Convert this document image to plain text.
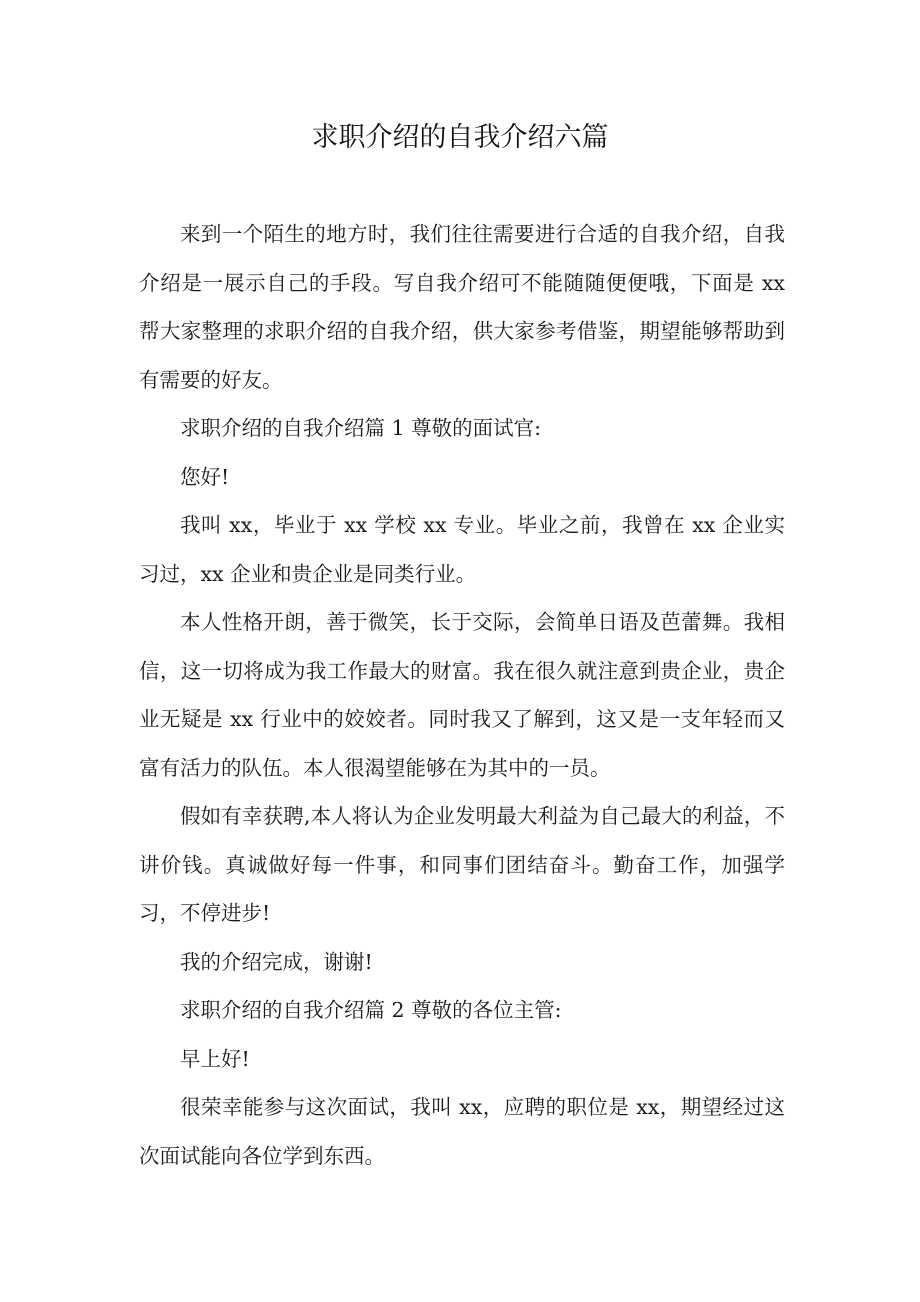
求职介绍的自我介绍六篇

来到一个陌生的地方时，我们往往需要进行合适的自我介绍，自我介绍是一展示自己的手段。写自我介绍可不能随随便便哦，下面是 xx 帮大家整理的求职介绍的自我介绍，供大家参考借鉴，期望能够帮助到有需要的好友。

求职介绍的自我介绍篇 1 尊敬的面试官:

您好!

我叫 xx，毕业于 xx 学校 xx 专业。毕业之前，我曾在 xx 企业实习过，xx 企业和贵企业是同类行业。

本人性格开朗，善于微笑，长于交际，会简单日语及芭蕾舞。我相信，这一切将成为我工作最大的财富。我在很久就注意到贵企业，贵企业无疑是 xx 行业中的姣姣者。同时我又了解到，这又是一支年轻而又富有活力的队伍。本人很渴望能够在为其中的一员。

假如有幸获聘,本人将认为企业发明最大利益为自己最大的利益，不讲价钱。真诚做好每一件事，和同事们团结奋斗。勤奋工作，加强学习，不停进步!

我的介绍完成，谢谢!

求职介绍的自我介绍篇 2 尊敬的各位主管:

早上好!

很荣幸能参与这次面试，我叫 xx，应聘的职位是 xx，期望经过这次面试能向各位学到东西。
